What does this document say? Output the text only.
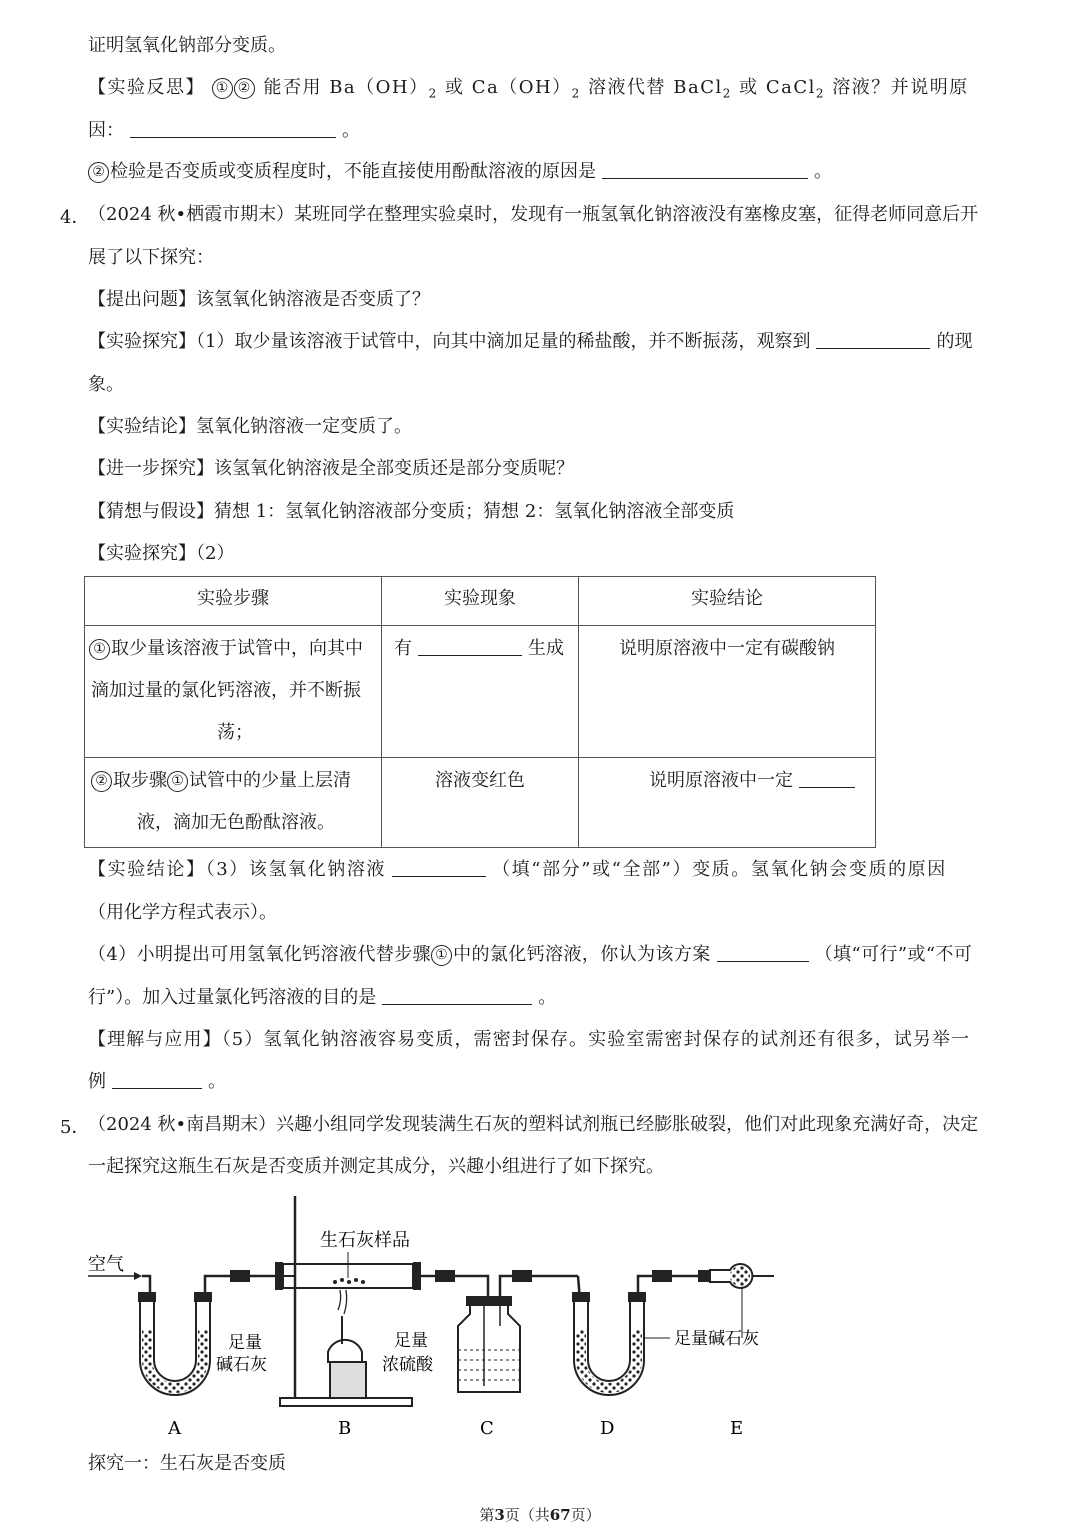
证明氢氧化钠部分变质。
【实验反思】 ① ② 能否用 $Ba(OH)_2$ 或 $Ca(OH)_2$ 溶液代替 BaCl$_2$ 或 CaCl$_2$ 溶液？并说明原
因：	。
② 检验是否变质或变质程度时，不能直接使用酚酞溶液的原因是	。
4．
（2024 秋•栖霞市期末）某班同学在整理实验桌时，发现有一瓶氢氧化钠溶液没有塞橡皮塞，征得老师同意后开
展了以下探究：
【提出问题】该氢氧化钠溶液是否变质了？
【实验探究】（1）取少量该溶液于试管中，向其中滴加足量的稀盐酸，并不断振荡，观察到	的现
象。
【实验结论】氢氧化钠溶液一定变质了。
【进一步探究】该氢氧化钠溶液是全部变质还是部分变质呢？
【猜想与假设】猜想 1：氢氧化钠溶液部分变质；猜想 2：氢氧化钠溶液全部变质
【实验探究】（2）
实验步骤	实验现象	实验结论

① 取少量该溶液于试管中，向其中
滴加过量的氯化钙溶液，并不断振
荡；	有 生成	说明原溶液中一定有碳酸钠

② 取步骤 ① 试管中的少量上层清
液，滴加无色酚酞溶液。	溶液变红色	说明原溶液中一定
【实验结论】（3）该氢氧化钠溶液	（填“部分”或“全部”）变质。氢氧化钠会变质的原因
（用化学方程式表示）。
（4）小明提出可用氢氧化钙溶液代替步骤 ① 中的氯化钙溶液，你认为该方案	（填“可行”或“不可
行”）。加入过量氯化钙溶液的目的是	。
【理解与应用】（5）氢氧化钠溶液容易变质，需密封保存。实验室需密封保存的试剂还有很多，试另举一
例	。
5．
（2024 秋•南昌期末）兴趣小组同学发现装满生石灰的塑料试剂瓶已经膨胀破裂，他们对此现象充满好奇，决定
一起探究这瓶生石灰是否变质并测定其成分，兴趣小组进行了如下探究。
空气
足量
碱石灰
生石灰样品
足量
浓硫酸
足量碱石灰
A	B	C	D	E
探究一：生石灰是否变质
第3页（共67页）
